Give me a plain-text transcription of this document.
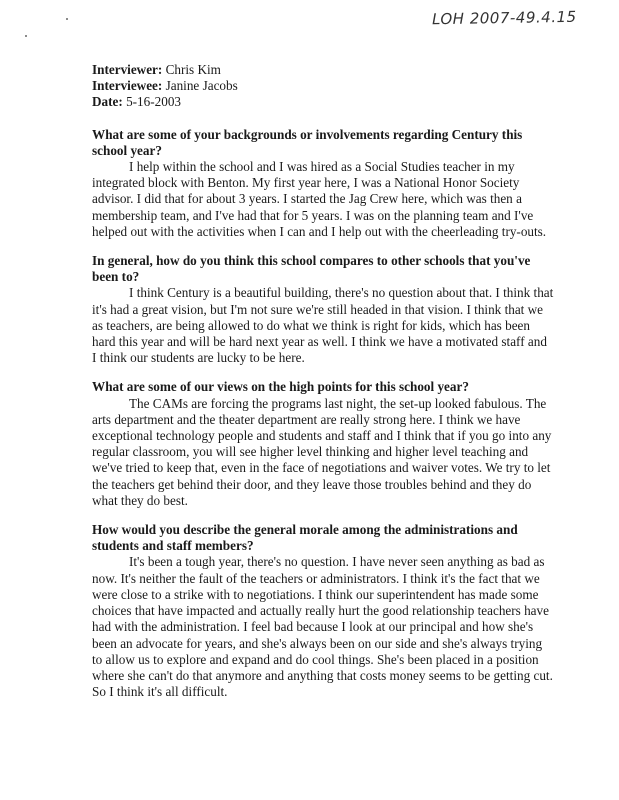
LOH 2007-49.4.15

Interviewer: Chris Kim

Interviewee: Janine Jacobs

Date: 5-16-2003

What are some of your backgrounds or involvements regarding Century this school year?

I help within the school and I was hired as a Social Studies teacher in my integrated block with Benton. My first year here, I was a National Honor Society advisor. I did that for about 3 years. I started the Jag Crew here, which was then a membership team, and I've had that for 5 years. I was on the planning team and I've helped out with the activities when I can and I help out with the cheerleading try-outs.

In general, how do you think this school compares to other schools that you've been to?

I think Century is a beautiful building, there's no question about that. I think that it's had a great vision, but I'm not sure we're still headed in that vision. I think that we as teachers, are being allowed to do what we think is right for kids, which has been hard this year and will be hard next year as well. I think we have a motivated staff and I think our students are lucky to be here.

What are some of our views on the high points for this school year?

The CAMs are forcing the programs last night, the set-up looked fabulous. The arts department and the theater department are really strong here. I think we have exceptional technology people and students and staff and I think that if you go into any regular classroom, you will see higher level thinking and higher level teaching and we've tried to keep that, even in the face of negotiations and waiver votes. We try to let the teachers get behind their door, and they leave those troubles behind and they do what they do best.

How would you describe the general morale among the administrations and students and staff members?

It's been a tough year, there's no question. I have never seen anything as bad as now. It's neither the fault of the teachers or administrators. I think it's the fact that we were close to a strike with to negotiations. I think our superintendent has made some choices that have impacted and actually really hurt the good relationship teachers have had with the administration. I feel bad because I look at our principal and how she's been an advocate for years, and she's always been on our side and she's always trying to allow us to explore and expand and do cool things. She's been placed in a position where she can't do that anymore and anything that costs money seems to be getting cut. So I think it's all difficult.
